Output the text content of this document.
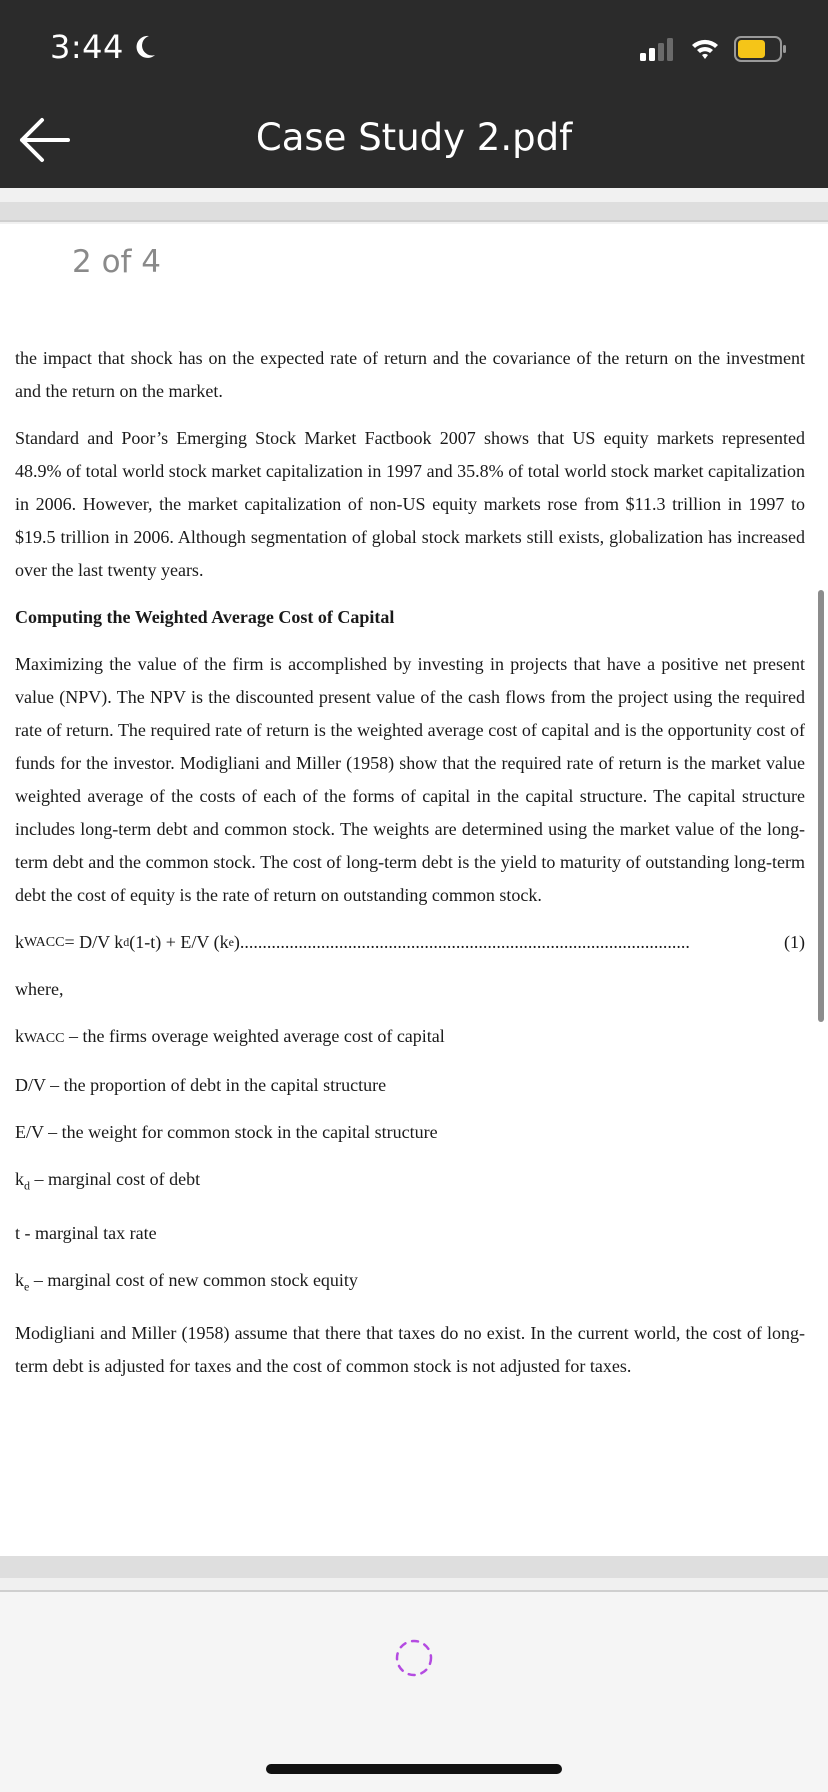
3:44
Case Study 2.pdf
2 of 4

the impact that shock has on the expected rate of return and the covariance of the return on the investment and the return on the market.

Standard and Poor’s Emerging Stock Market Factbook 2007 shows that US equity markets represented 48.9% of total world stock market capitalization in 1997 and 35.8% of total world stock market capitalization in 2006. However, the market capitalization of non-US equity markets rose from $11.3 trillion in 1997 to $19.5 trillion in 2006. Although segmentation of global stock markets still exists, globalization has increased over the last twenty years.

Computing the Weighted Average Cost of Capital

Maximizing the value of the firm is accomplished by investing in projects that have a positive net present value (NPV). The NPV is the discounted present value of the cash flows from the project using the required rate of return. The required rate of return is the weighted average cost of capital and is the opportunity cost of funds for the investor. Modigliani and Miller (1958) show that the required rate of return is the market value weighted average of the costs of each of the forms of capital in the capital structure. The capital structure includes long-term debt and common stock. The weights are determined using the market value of the long-term debt and the common stock. The cost of long-term debt is the yield to maturity of outstanding long-term debt the cost of equity is the rate of return on outstanding common stock.

k WACC = D/V k d (1-t) + E/V (k e ) ....................................................................................................	(1)
where,
kWACC – the firms overage weighted average cost of capital
D/V – the proportion of debt in the capital structure
E/V – the weight for common stock in the capital structure
$k_d$ – marginal cost of debt
t - marginal tax rate
$k_e$ – marginal cost of new common stock equity

Modigliani and Miller (1958) assume that there that taxes do no exist. In the current world, the cost of long-term debt is adjusted for taxes and the cost of common stock is not adjusted for taxes.
